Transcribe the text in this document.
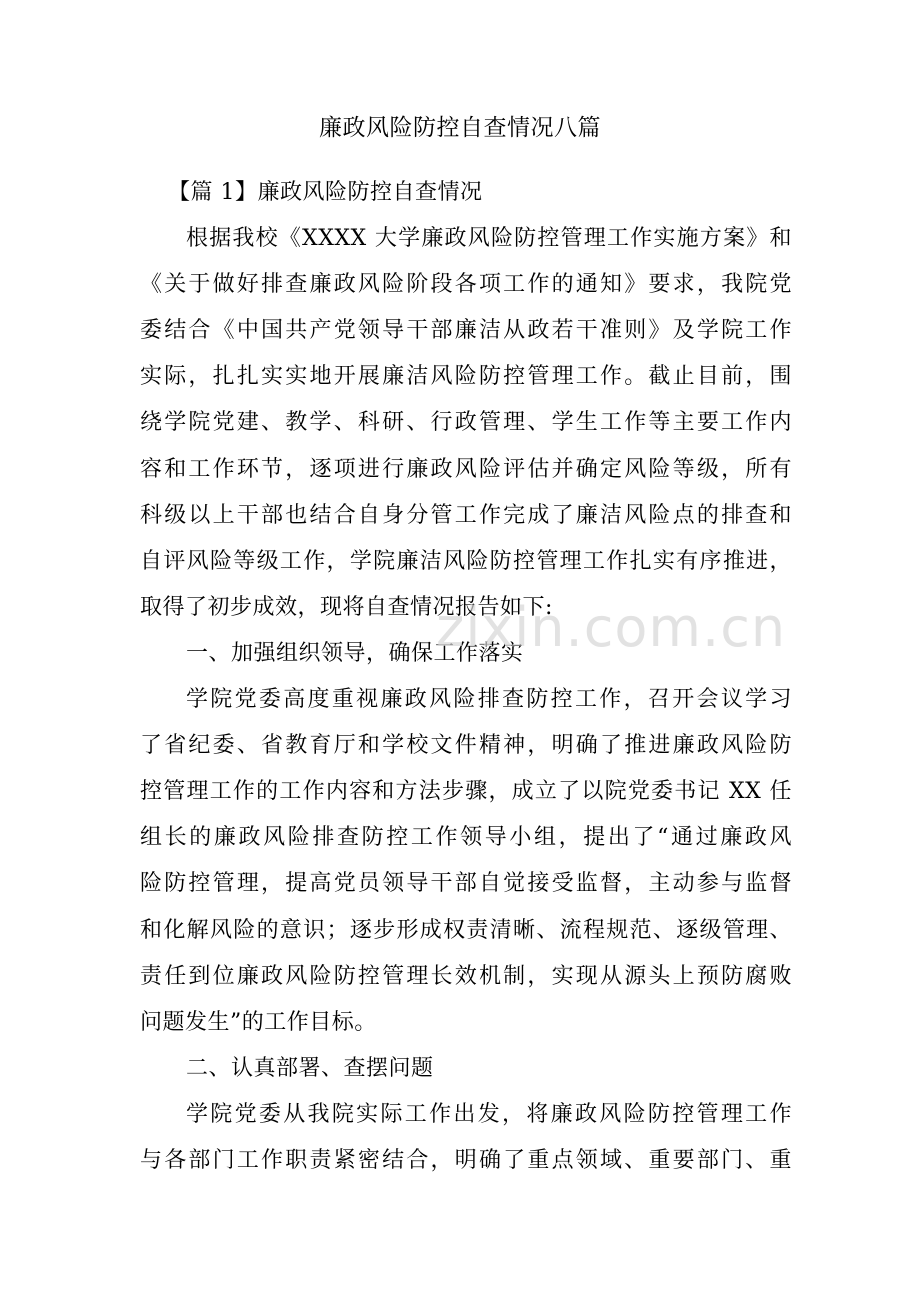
廉政风险防控自查情况八篇
【篇 1】廉政风险防控自查情况
根据我校《XXXX 大学廉政风险防控管理工作实施方案》和
《关于做好排查廉政风险阶段各项工作的通知》要求，我院党
委结合《中国共产党领导干部廉洁从政若干准则》及学院工作
实际，扎扎实实地开展廉洁风险防控管理工作。截止目前，围
绕学院党建、教学、科研、行政管理、学生工作等主要工作内
容和工作环节，逐项进行廉政风险评估并确定风险等级，所有
科级以上干部也结合自身分管工作完成了廉洁风险点的排查和
自评风险等级工作，学院廉洁风险防控管理工作扎实有序推进，
取得了初步成效，现将自查情况报告如下:
一、加强组织领导，确保工作落实
学院党委高度重视廉政风险排查防控工作，召开会议学习
了省纪委、省教育厅和学校文件精神，明确了推进廉政风险防
控管理工作的工作内容和方法步骤，成立了以院党委书记 XX 任
组长的廉政风险排查防控工作领导小组，提出了“通过廉政风
险防控管理，提高党员领导干部自觉接受监督，主动参与监督
和化解风险的意识；逐步形成权责清晰、流程规范、逐级管理、
责任到位廉政风险防控管理长效机制，实现从源头上预防腐败
问题发生”的工作目标。
二、认真部署、查摆问题
学院党委从我院实际工作出发，将廉政风险防控管理工作
与各部门工作职责紧密结合，明确了重点领域、重要部门、重
zixin.com.cn
